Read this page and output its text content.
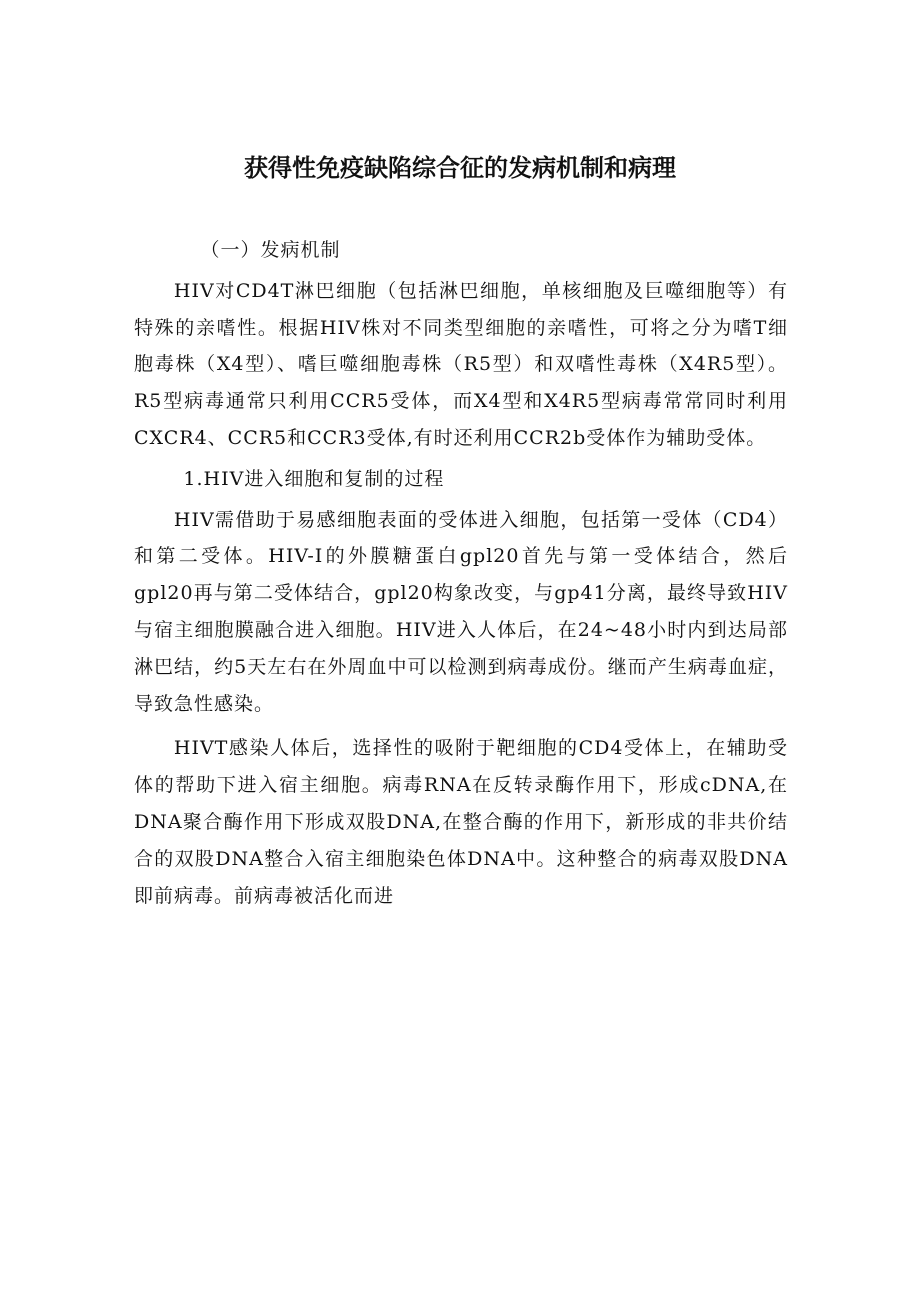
获得性免疫缺陷综合征的发病机制和病理
（一）发病机制

HIV对CD4T淋巴细胞（包括淋巴细胞，单核细胞及巨噬细胞等）有特殊的亲嗜性。根据HIV株对不同类型细胞的亲嗜性，可将之分为嗜T细胞毒株（X4型）、嗜巨噬细胞毒株（R5型）和双嗜性毒株（X4R5型）。R5型病毒通常只利用CCR5受体，而X4型和X4R5型病毒常常同时利用CXCR4、CCR5和CCR3受体,有时还利用CCR2b受体作为辅助受体。

1.HIV进入细胞和复制的过程

HIV需借助于易感细胞表面的受体进入细胞，包括第一受体（CD4）和第二受体。HIV-I的外膜糖蛋白gpl20首先与第一受体结合，然后gpl20再与第二受体结合，gpl20构象改变，与gp41分离，最终导致HIV与宿主细胞膜融合进入细胞。HIV进入人体后，在24~48小时内到达局部淋巴结，约5天左右在外周血中可以检测到病毒成份。继而产生病毒血症，导致急性感染。

HIVT感染人体后，选择性的吸附于靶细胞的CD4受体上，在辅助受体的帮助下进入宿主细胞。病毒RNA在反转录酶作用下，形成cDNA,在DNA聚合酶作用下形成双股DNA,在整合酶的作用下，新形成的非共价结合的双股DNA整合入宿主细胞染色体DNA中。这种整合的病毒双股DNA即前病毒。前病毒被活化而进
